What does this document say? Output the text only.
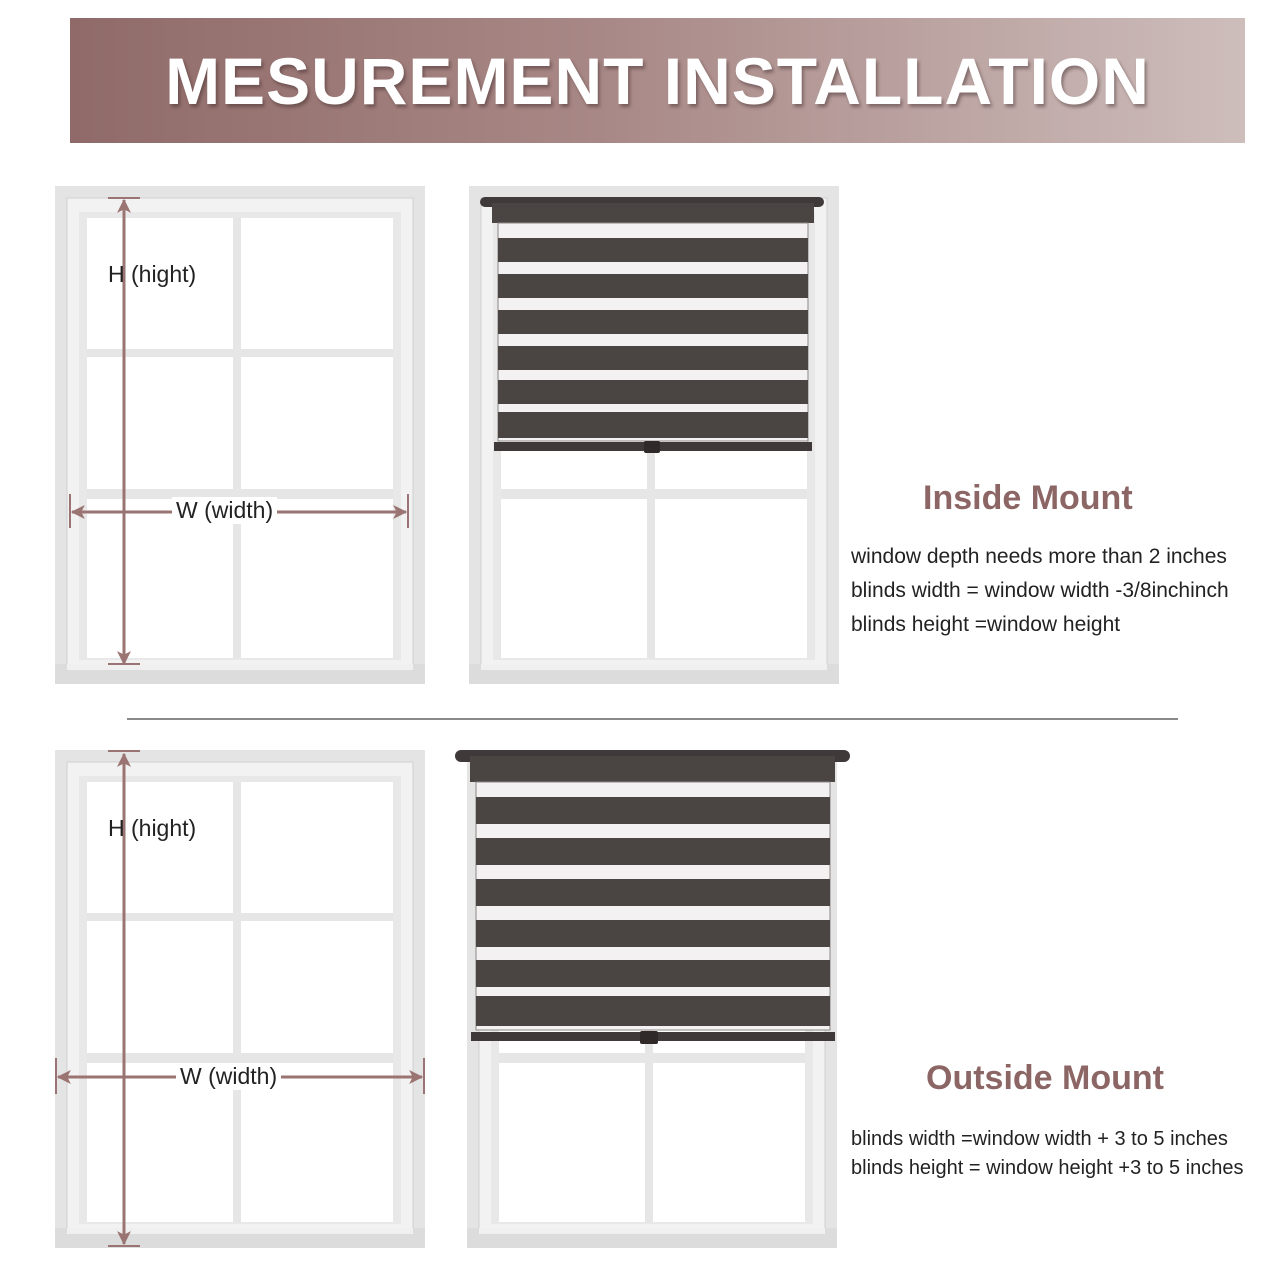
MESUREMENT INSTALLATION
H (hight)
W (width)
H (hight)
W (width)
Inside Mount
window depth needs more than 2 inches
blinds width = window width -3/8inchinch
blinds height =window height
Outside Mount
blinds width =window width + 3 to 5 inches
blinds height = window height +3 to 5 inches
